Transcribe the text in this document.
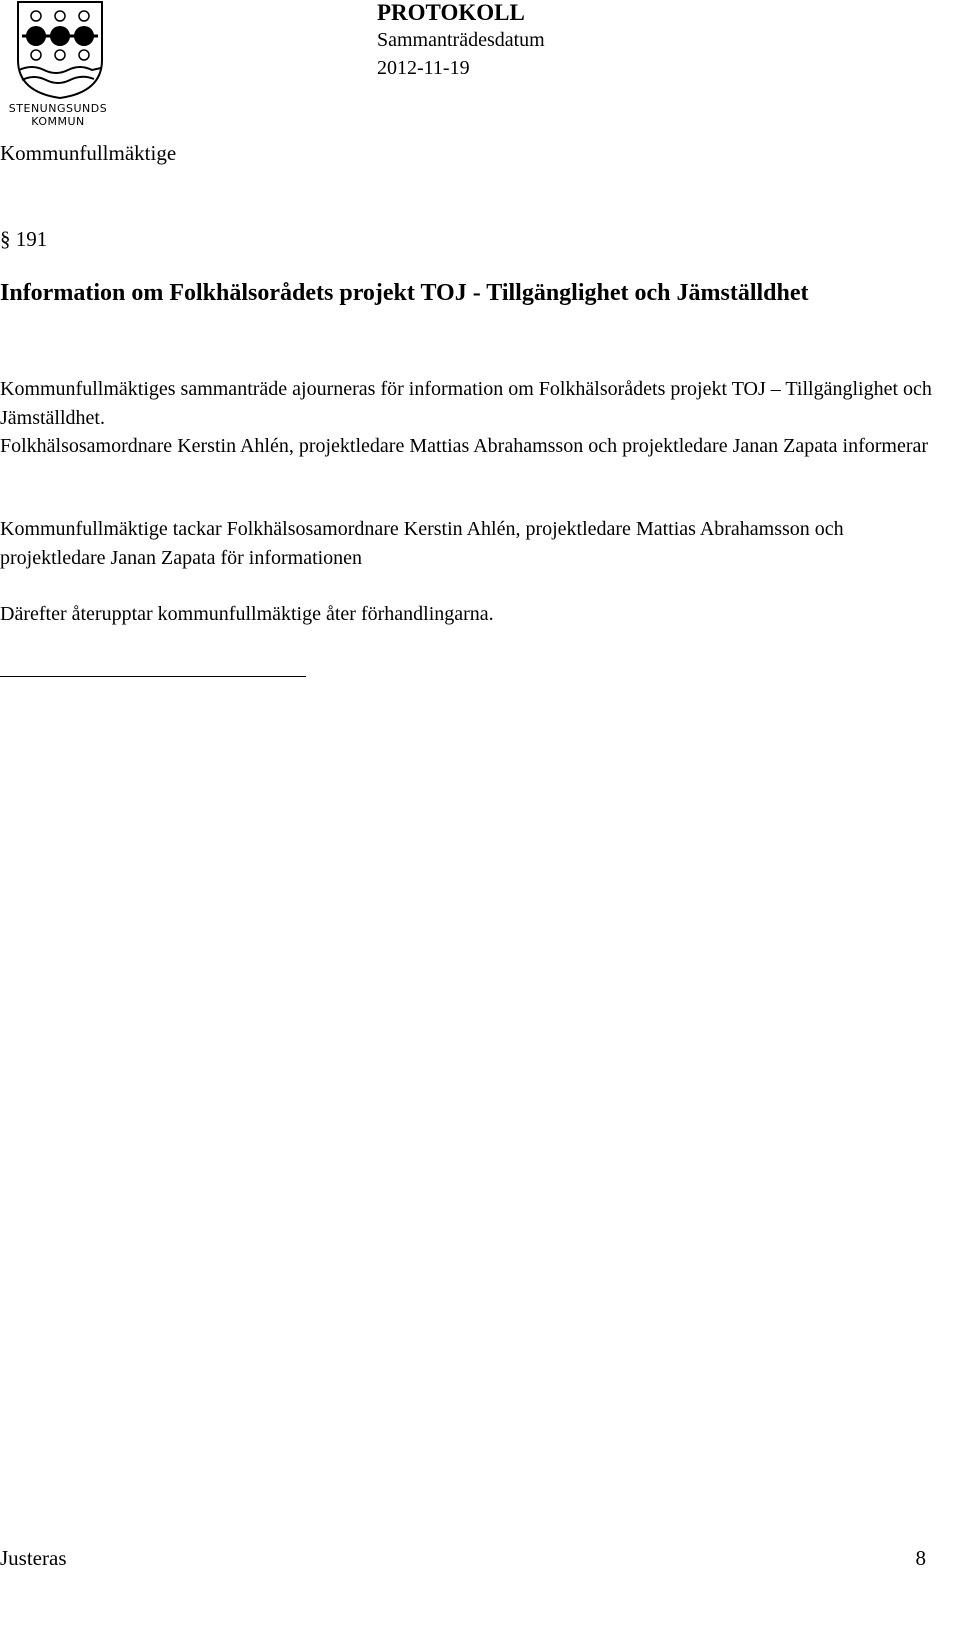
STENUNGSUNDS
KOMMUN
PROTOKOLL
Sammanträdesdatum
2012-11-19
Kommunfullmäktige
§ 191
Information om Folkhälsorådets projekt TOJ - Tillgänglighet och Jämställdhet

Kommunfullmäktiges sammanträde ajourneras för information om Folkhälsorådets projekt TOJ – Tillgänglighet och Jämställdhet.

Folkhälsosamordnare Kerstin Ahlén, projektledare Mattias Abrahamsson och projektledare Janan Zapata informerar

Kommunfullmäktige tackar Folkhälsosamordnare Kerstin Ahlén, projektledare Mattias Abrahamsson och projektledare Janan Zapata för informationen

Därefter återupptar kommunfullmäktige åter förhandlingarna.

Justeras	8
